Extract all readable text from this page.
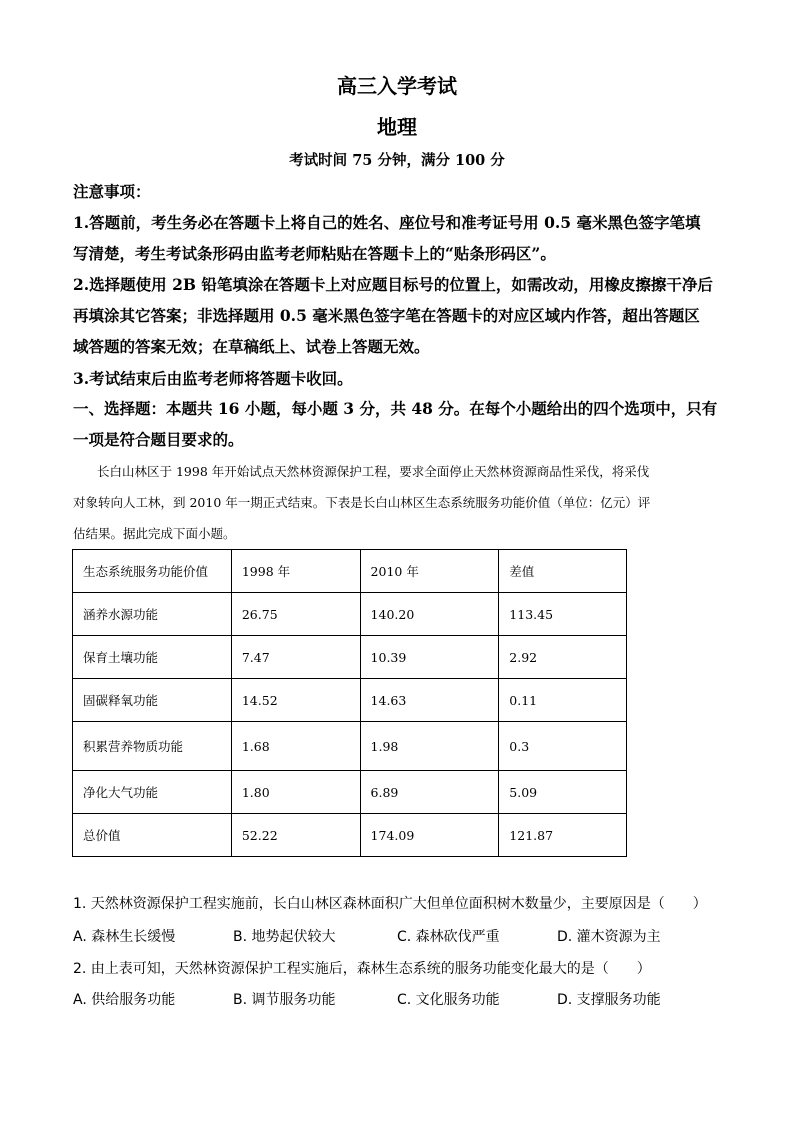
高三入学考试
地理
考试时间 75 分钟，满分 100 分
注意事项：
1.答题前，考生务必在答题卡上将自己的姓名、座位号和准考证号用 0.5 毫米黑色签字笔填
写清楚，考生考试条形码由监考老师粘贴在答题卡上的“贴条形码区”。
2.选择题使用 2B 铅笔填涂在答题卡上对应题目标号的位置上，如需改动，用橡皮擦擦干净后
再填涂其它答案；非选择题用 0.5 毫米黑色签字笔在答题卡的对应区域内作答，超出答题区
域答题的答案无效；在草稿纸上、试卷上答题无效。
3.考试结束后由监考老师将答题卡收回。
一、选择题：本题共 16 小题，每小题 3 分，共 48 分。在每个小题给出的四个选项中，只有
一项是符合题目要求的。
长白山林区于 1998 年开始试点天然林资源保护工程，要求全面停止天然林资源商品性采伐，将采伐
对象转向人工林，到 2010 年一期正式结束。下表是长白山林区生态系统服务功能价值（单位：亿元）评
估结果。据此完成下面小题。
生态系统服务功能价值	1998 年	2010 年	差值
涵养水源功能	26.75	140.20	113.45
保育土壤功能	7.47	10.39	2.92
固碳释氧功能	14.52	14.63	0.11
积累营养物质功能	1.68	1.98	0.3
净化大气功能	1.80	6.89	5.09
总价值	52.22	174.09	121.87
1. 天然林资源保护工程实施前，长白山林区森林面积广大但单位面积树木数量少，主要原因是（　　）
A. 森林生长缓慢	B. 地势起伏较大	C. 森林砍伐严重	D. 灌木资源为主
2. 由上表可知，天然林资源保护工程实施后，森林生态系统的服务功能变化最大的是（　　）
A. 供给服务功能	B. 调节服务功能	C. 文化服务功能	D. 支撑服务功能
